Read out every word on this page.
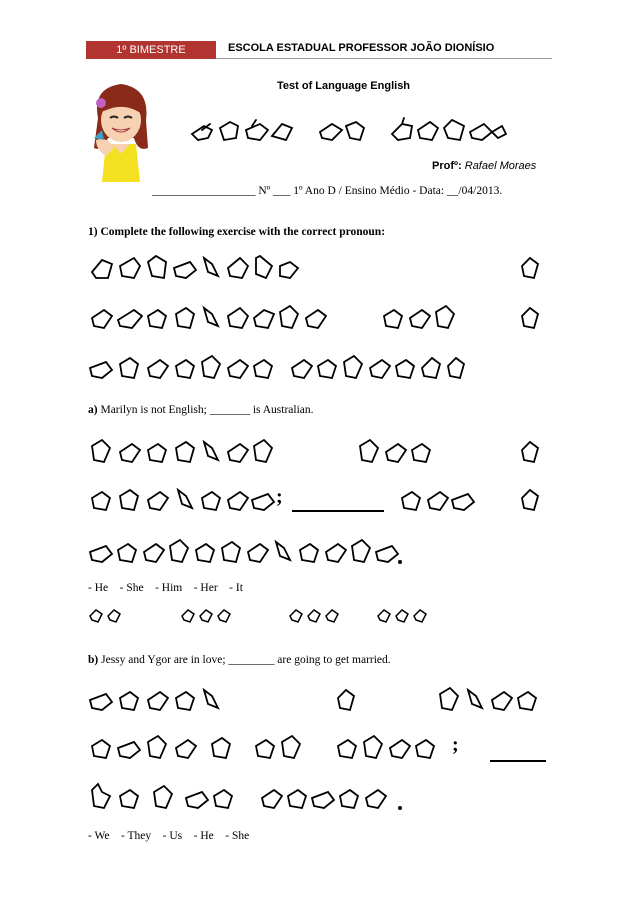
1º BIMESTRE	ESCOLA ESTADUAL PROFESSOR JOÃO DIONÍSIO
Test of Language English
Profº: Rafael Moraes
__________________ Nº ___ 1º Ano D / Ensino Médio - Data: __/04/2013.
1) Complete the following exercise with the correct pronoun:
a) Marilyn is not English; _______ is Australian.
;
- He    - She    - Him    - Her    - It
b) Jessy and Ygor are in love; ________ are going to get married.
;
- We    - They    - Us    - He    - She
